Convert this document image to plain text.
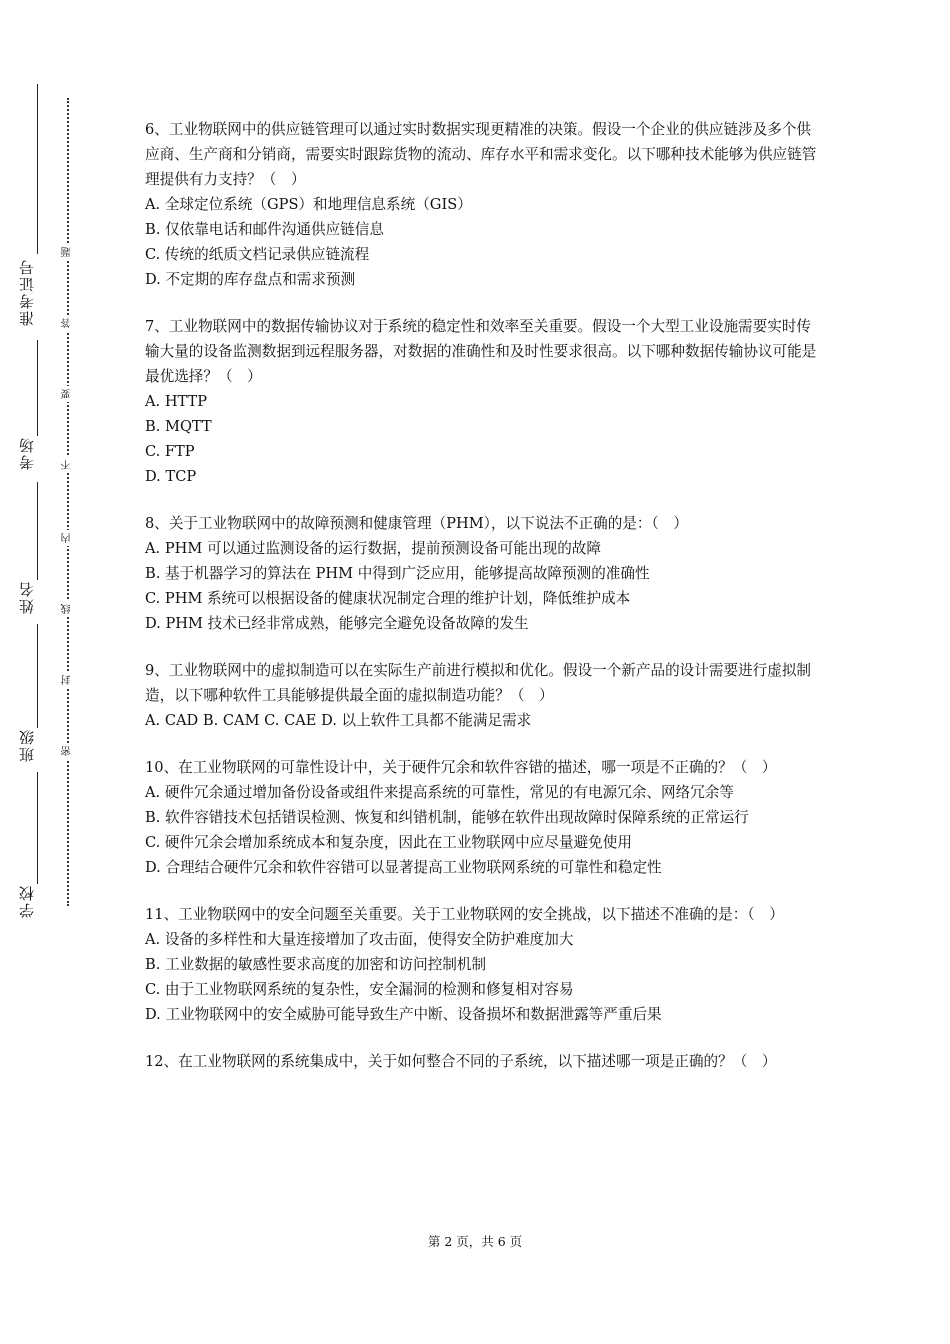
准考证号
考场
姓名
班级
学校
题
答
要
不
内
线
封
密

6、工业物联网中的供应链管理可以通过实时数据实现更精准的决策。假设一个企业的供应链涉及多个供应商、生产商和分销商，需要实时跟踪货物的流动、库存水平和需求变化。以下哪种技术能够为供应链管理提供有力支持？（　）

A. 全球定位系统（GPS）和地理信息系统（GIS）

B. 仅依靠电话和邮件沟通供应链信息

C. 传统的纸质文档记录供应链流程

D. 不定期的库存盘点和需求预测

7、工业物联网中的数据传输协议对于系统的稳定性和效率至关重要。假设一个大型工业设施需要实时传输大量的设备监测数据到远程服务器，对数据的准确性和及时性要求很高。以下哪种数据传输协议可能是最优选择？（　）

A. HTTP

B. MQTT

C. FTP

D. TCP

8、关于工业物联网中的故障预测和健康管理（PHM），以下说法不正确的是：（　）

A. PHM 可以通过监测设备的运行数据，提前预测设备可能出现的故障

B. 基于机器学习的算法在 PHM 中得到广泛应用，能够提高故障预测的准确性

C. PHM 系统可以根据设备的健康状况制定合理的维护计划，降低维护成本

D. PHM 技术已经非常成熟，能够完全避免设备故障的发生

9、工业物联网中的虚拟制造可以在实际生产前进行模拟和优化。假设一个新产品的设计需要进行虚拟制造，以下哪种软件工具能够提供最全面的虚拟制造功能？（　）

A. CAD B. CAM C. CAE D. 以上软件工具都不能满足需求

10、在工业物联网的可靠性设计中，关于硬件冗余和软件容错的描述，哪一项是不正确的？（　）

A. 硬件冗余通过增加备份设备或组件来提高系统的可靠性，常见的有电源冗余、网络冗余等

B. 软件容错技术包括错误检测、恢复和纠错机制，能够在软件出现故障时保障系统的正常运行

C. 硬件冗余会增加系统成本和复杂度，因此在工业物联网中应尽量避免使用

D. 合理结合硬件冗余和软件容错可以显著提高工业物联网系统的可靠性和稳定性

11、工业物联网中的安全问题至关重要。关于工业物联网的安全挑战，以下描述不准确的是：（　）

A. 设备的多样性和大量连接增加了攻击面，使得安全防护难度加大

B. 工业数据的敏感性要求高度的加密和访问控制机制

C. 由于工业物联网系统的复杂性，安全漏洞的检测和修复相对容易

D. 工业物联网中的安全威胁可能导致生产中断、设备损坏和数据泄露等严重后果

12、在工业物联网的系统集成中，关于如何整合不同的子系统，以下描述哪一项是正确的？（　）

第 2 页，共 6 页
